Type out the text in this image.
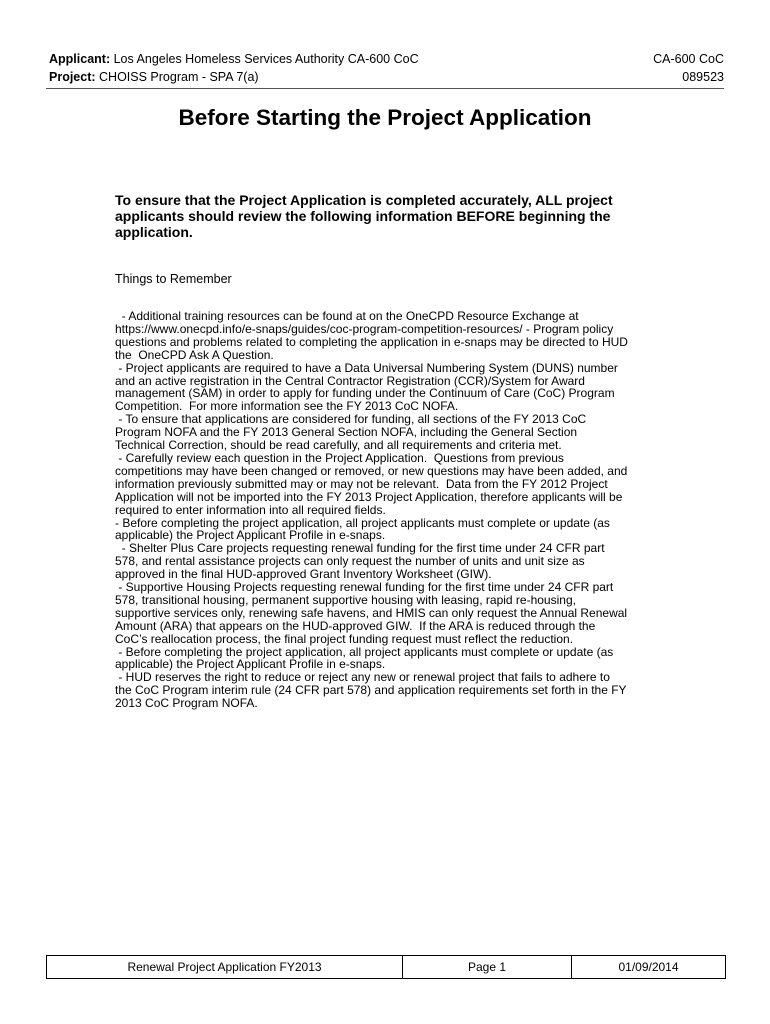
Applicant: Los Angeles Homeless Services Authority CA-600 CoC
Project: CHOISS Program - SPA 7(a)
CA-600 CoC
089523
Before Starting the Project Application
To ensure that the Project Application is completed accurately, ALL project applicants should review the following information BEFORE beginning the application.
Things to Remember

- Additional training resources can be found at on the OneCPD Resource Exchange at

https://www.onecpd.info/e-snaps/guides/coc-program-competition-resources/ - Program policy

questions and problems related to completing the application in e-snaps may be directed to HUD

the  OneCPD Ask A Question.

- Project applicants are required to have a Data Universal Numbering System (DUNS) number

and an active registration in the Central Contractor Registration (CCR)/System for Award

management (SAM) in order to apply for funding under the Continuum of Care (CoC) Program

Competition.  For more information see the FY 2013 CoC NOFA.

- To ensure that applications are considered for funding, all sections of the FY 2013 CoC

Program NOFA and the FY 2013 General Section NOFA, including the General Section

Technical Correction, should be read carefully, and all requirements and criteria met.

- Carefully review each question in the Project Application.  Questions from previous

competitions may have been changed or removed, or new questions may have been added, and

information previously submitted may or may not be relevant.  Data from the FY 2012 Project

Application will not be imported into the FY 2013 Project Application, therefore applicants will be

required to enter information into all required fields.

- Before completing the project application, all project applicants must complete or update (as

applicable) the Project Applicant Profile in e-snaps.

- Shelter Plus Care projects requesting renewal funding for the first time under 24 CFR part

578, and rental assistance projects can only request the number of units and unit size as

approved in the final HUD-approved Grant Inventory Worksheet (GIW).

- Supportive Housing Projects requesting renewal funding for the first time under 24 CFR part

578, transitional housing, permanent supportive housing with leasing, rapid re-housing,

supportive services only, renewing safe havens, and HMIS can only request the Annual Renewal

Amount (ARA) that appears on the HUD-approved GIW.  If the ARA is reduced through the

CoC’s reallocation process, the final project funding request must reflect the reduction.

- Before completing the project application, all project applicants must complete or update (as

applicable) the Project Applicant Profile in e-snaps.

- HUD reserves the right to reduce or reject any new or renewal project that fails to adhere to

the CoC Program interim rule (24 CFR part 578) and application requirements set forth in the FY

2013 CoC Program NOFA.

Renewal Project Application FY2013	Page 1	01/09/2014
